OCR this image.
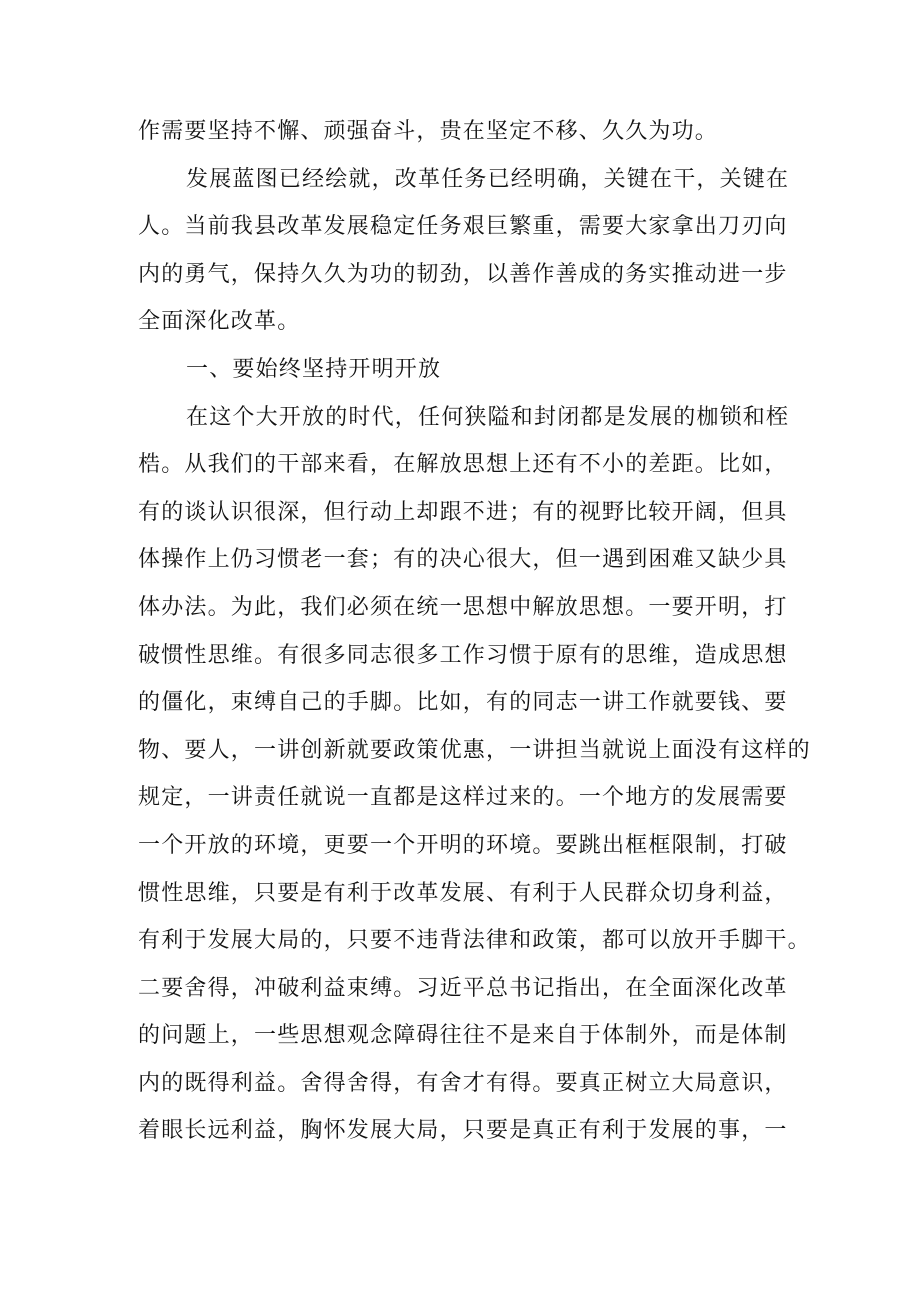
作需要坚持不懈、顽强奋斗，贵在坚定不移、久久为功。
发展蓝图已经绘就，改革任务已经明确，关键在干，关键在
人。当前我县改革发展稳定任务艰巨繁重，需要大家拿出刀刃向
内的勇气，保持久久为功的韧劲，以善作善成的务实推动进一步
全面深化改革。
一、要始终坚持开明开放
在这个大开放的时代，任何狭隘和封闭都是发展的枷锁和桎
梏。从我们的干部来看，在解放思想上还有不小的差距。比如，
有的谈认识很深，但行动上却跟不进；有的视野比较开阔，但具
体操作上仍习惯老一套；有的决心很大，但一遇到困难又缺少具
体办法。为此，我们必须在统一思想中解放思想。一要开明，打
破惯性思维。有很多同志很多工作习惯于原有的思维，造成思想
的僵化，束缚自己的手脚。比如，有的同志一讲工作就要钱、要
物、要人，一讲创新就要政策优惠，一讲担当就说上面没有这样的
规定，一讲责任就说一直都是这样过来的。一个地方的发展需要
一个开放的环境，更要一个开明的环境。要跳出框框限制，打破
惯性思维，只要是有利于改革发展、有利于人民群众切身利益，
有利于发展大局的，只要不违背法律和政策，都可以放开手脚干。
二要舍得，冲破利益束缚。习近平总书记指出，在全面深化改革
的问题上，一些思想观念障碍往往不是来自于体制外，而是体制
内的既得利益。舍得舍得，有舍才有得。要真正树立大局意识，
着眼长远利益，胸怀发展大局，只要是真正有利于发展的事，一
